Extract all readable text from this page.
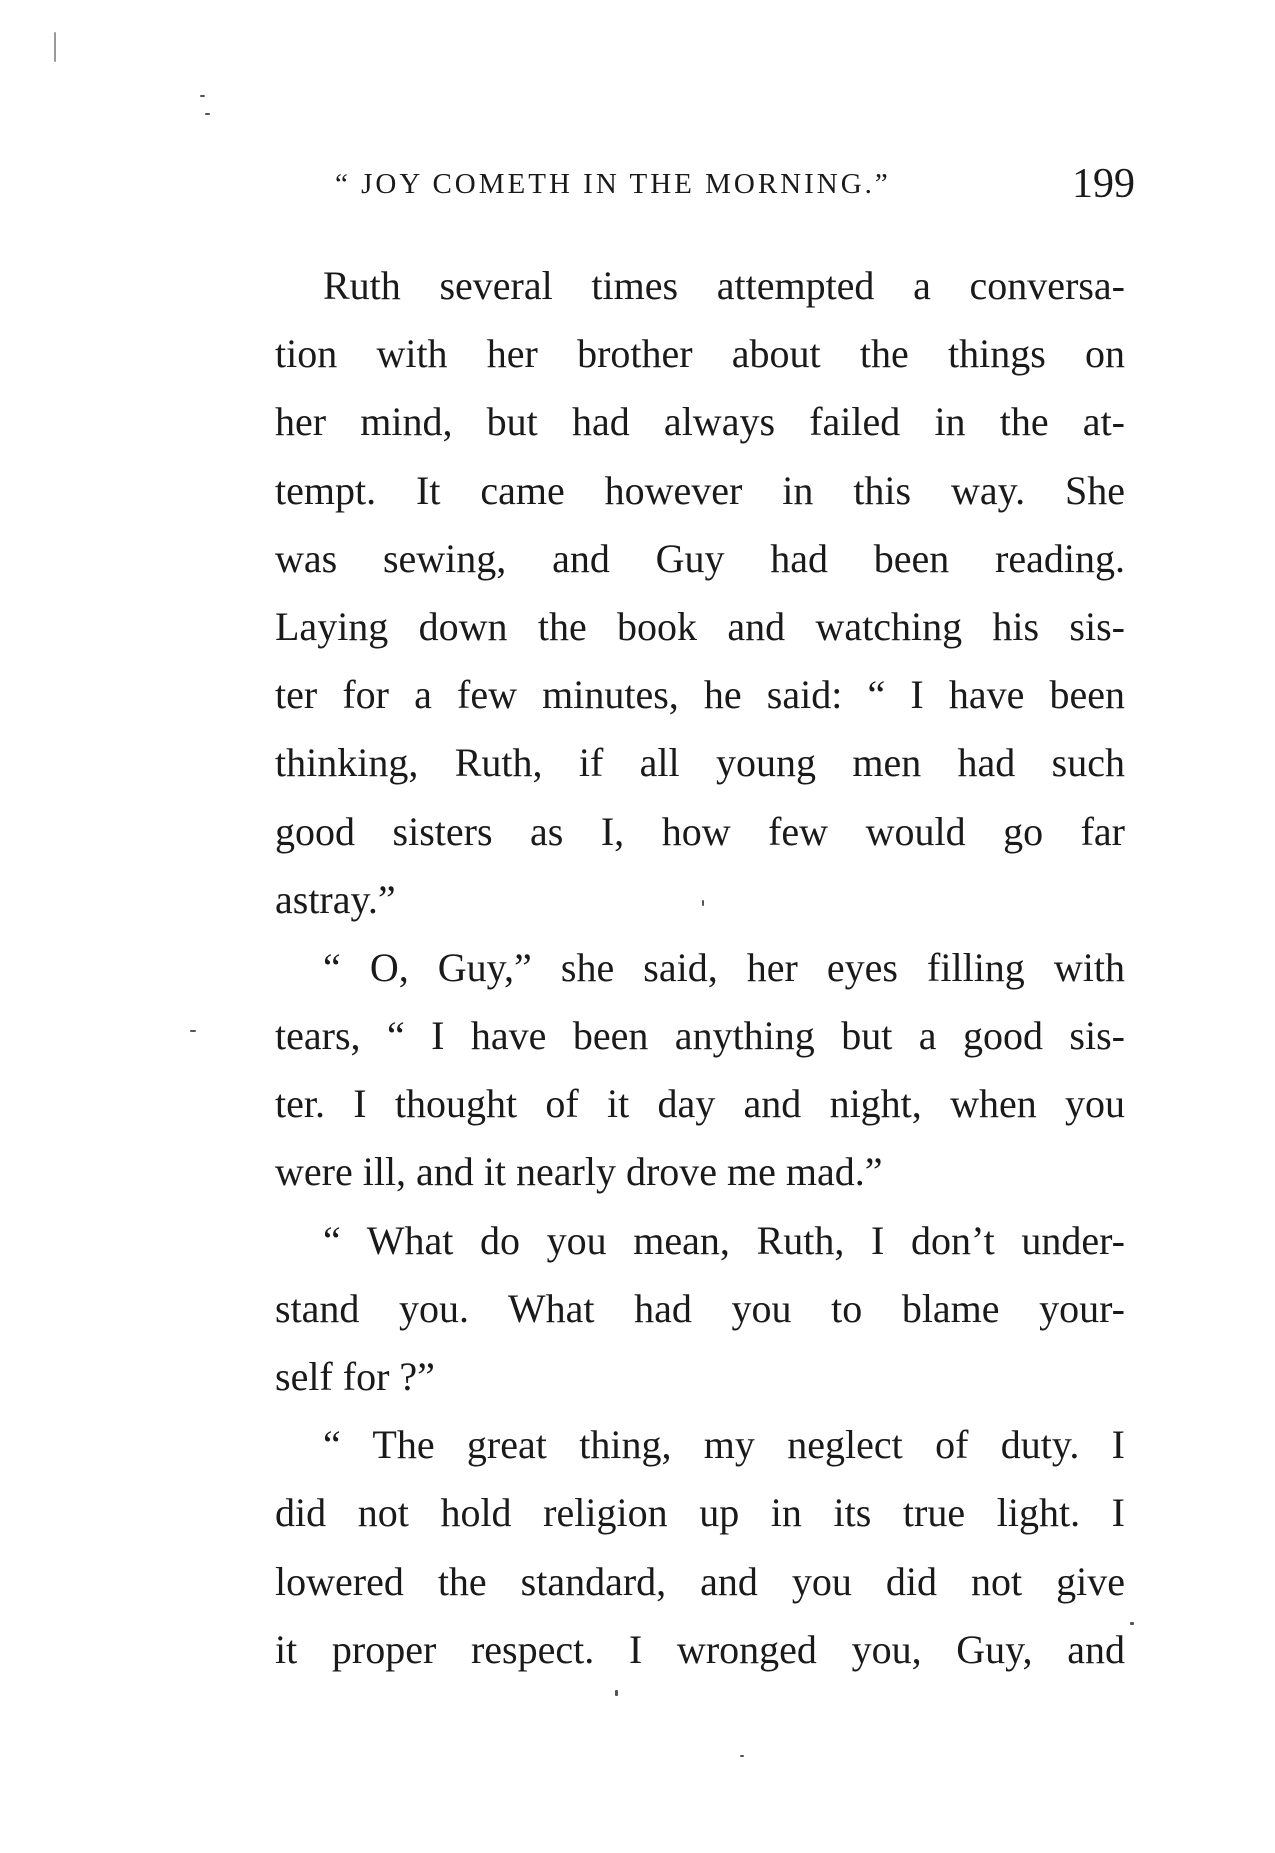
“ JOY COMETH IN THE MORNING.”	199
Ruth several times attempted a conversa-
tion with her brother about the things on
her mind, but had always failed in the at-
tempt. It came however in this way. She
was sewing, and Guy had been reading.
Laying down the book and watching his sis-
ter for a few minutes, he said: “ I have been
thinking, Ruth, if all young men had such
good sisters as I, how few would go far
astray.”
“ O, Guy,” she said, her eyes filling with
tears, “ I have been anything but a good sis-
ter. I thought of it day and night, when you
were ill, and it nearly drove me mad.”
“ What do you mean, Ruth, I don’t under-
stand you. What had you to blame your-
self for ?”
“ The great thing, my neglect of duty. I
did not hold religion up in its true light. I
lowered the standard, and you did not give
it proper respect. I wronged you, Guy, and
